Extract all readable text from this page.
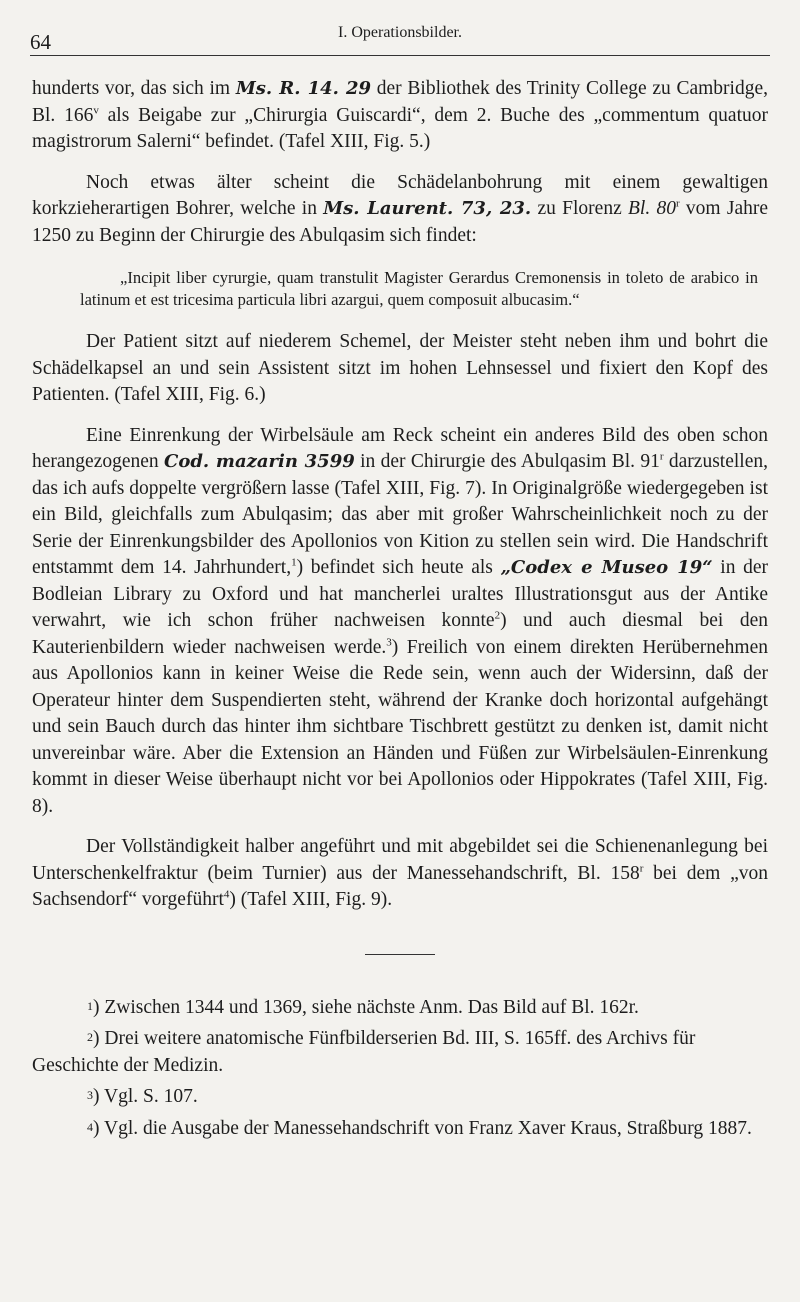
64	I. Operationsbilder.

hunderts vor, das sich im Ms. R. 14. 29 der Bibliothek des Trinity College zu Cambridge, Bl. 166$^v$ als Beigabe zur „Chirurgia Guiscardi“, dem 2. Buche des „commentum quatuor magistrorum Salerni“ befindet. (Tafel XIII, Fig. 5.)

Noch etwas älter scheint die Schädelanbohrung mit einem gewaltigen korkzieherartigen Bohrer, welche in Ms. Laurent. 73, 23. zu Florenz Bl. 80$^r$ vom Jahre 1250 zu Beginn der Chirurgie des Abulqasim sich findet:

„Incipit liber cyrurgie, quam transtulit Magister Gerardus Cremonensis in toleto de arabico in latinum et est tricesima particula libri azargui, quem composuit albucasim.“

Der Patient sitzt auf niederem Schemel, der Meister steht neben ihm und bohrt die Schädelkapsel an und sein Assistent sitzt im hohen Lehnsessel und fixiert den Kopf des Patienten. (Tafel XIII, Fig. 6.)

Eine Einrenkung der Wirbelsäule am Reck scheint ein anderes Bild des oben schon herangezogenen Cod. mazarin 3599 in der Chirurgie des Abulqasim Bl. 91$^r$ darzustellen, das ich aufs doppelte vergrößern lasse (Tafel XIII, Fig. 7). In Originalgröße wiedergegeben ist ein Bild, gleichfalls zum Abulqasim; das aber mit großer Wahrscheinlichkeit noch zu der Serie der Einrenkungsbilder des Apollonios von Kition zu stellen sein wird. Die Handschrift entstammt dem 14. Jahrhundert,$^1$) befindet sich heute als „Codex e Museo 19“ in der Bodleian Library zu Oxford und hat mancherlei uraltes Illustrationsgut aus der Antike verwahrt, wie ich schon früher nachweisen konnte$^2$) und auch diesmal bei den Kauterienbildern wieder nachweisen werde.$^3$) Freilich von einem direkten Herübernehmen aus Apollonios kann in keiner Weise die Rede sein, wenn auch der Widersinn, daß der Operateur hinter dem Suspendierten steht, während der Kranke doch horizontal aufgehängt und sein Bauch durch das hinter ihm sichtbare Tischbrett gestützt zu denken ist, damit nicht unvereinbar wäre. Aber die Extension an Händen und Füßen zur Wirbelsäulen-Einrenkung kommt in dieser Weise überhaupt nicht vor bei Apollonios oder Hippokrates (Tafel XIII, Fig. 8).

Der Vollständigkeit halber angeführt und mit abgebildet sei die Schienenanlegung bei Unterschenkelfraktur (beim Turnier) aus der Manessehandschrift, Bl. 158$^r$ bei dem „von Sachsendorf“ vorgeführt$^4$) (Tafel XIII, Fig. 9).

1) Zwischen 1344 und 1369, siehe nächste Anm. Das Bild auf Bl. 162r.

2) Drei weitere anatomische Fünfbilderserien Bd. III, S. 165ff. des Archivs für Geschichte der Medizin.

3) Vgl. S. 107.

4) Vgl. die Ausgabe der Manessehandschrift von Franz Xaver Kraus, Straßburg 1887.
